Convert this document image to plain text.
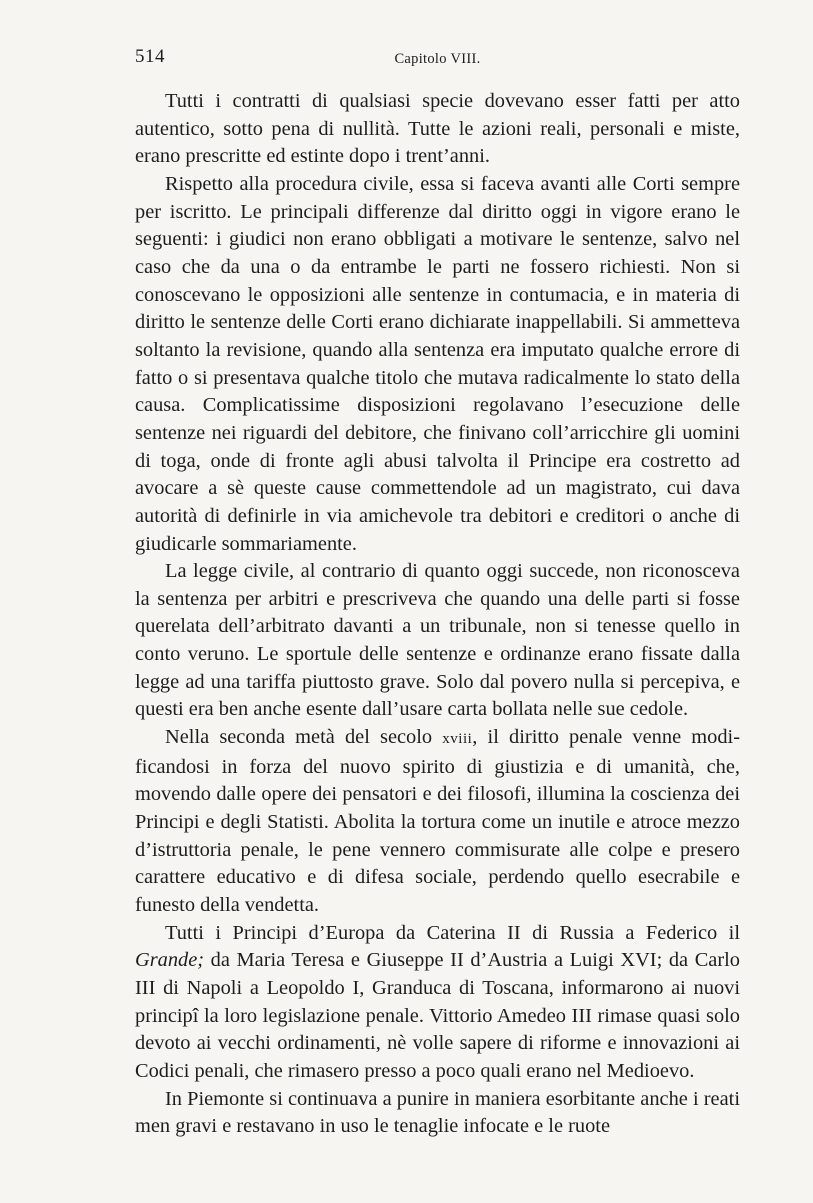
514	Capitolo VIII.

Tutti i contratti di qualsiasi specie dovevano esser fatti per atto autentico, sotto pena di nullità. Tutte le azioni reali, personali e miste, erano prescritte ed estinte dopo i trent’anni.

Rispetto alla procedura civile, essa si faceva avanti alle Corti sempre per iscritto. Le principali differenze dal diritto oggi in vigore erano le seguenti: i giudici non erano obbligati a motivare le sentenze, salvo nel caso che da una o da entrambe le parti ne fossero richiesti. Non si conoscevano le opposizioni alle sentenze in contumacia, e in materia di diritto le sentenze delle Corti erano dichiarate inappellabili. Si ammetteva soltanto la revisione, quando alla sentenza era imputato qualche errore di fatto o si presentava qualche titolo che mutava radicalmente lo stato della causa. Complicatissime disposizioni regolavano l’esecuzione delle sentenze nei riguardi del debitore, che finivano coll’arricchire gli uomini di toga, onde di fronte agli abusi talvolta il Principe era costretto ad avocare a sè queste cause commettendole ad un magistrato, cui dava autorità di definirle in via amichevole tra debitori e creditori o anche di giudicarle sommariamente.

La legge civile, al contrario di quanto oggi succede, non riconosceva la sentenza per arbitri e prescriveva che quando una delle parti si fosse querelata dell’arbitrato davanti a un tribunale, non si tenesse quello in conto veruno. Le sportule delle sentenze e ordinanze erano fissate dalla legge ad una tariffa piuttosto grave. Solo dal povero nulla si percepiva, e questi era ben anche esente dall’usare carta bollata nelle sue cedole.

Nella seconda metà del secolo xviii, il diritto penale venne modificandosi in forza del nuovo spirito di giustizia e di umanità, che, movendo dalle opere dei pensatori e dei filosofi, illumina la coscienza dei Principi e degli Statisti. Abolita la tortura come un inutile e atroce mezzo d’istruttoria penale, le pene vennero commisurate alle colpe e presero carattere educativo e di difesa sociale, perdendo quello esecrabile e funesto della vendetta.

Tutti i Principi d’Europa da Caterina II di Russia a Federico il Grande; da Maria Teresa e Giuseppe II d’Austria a Luigi XVI; da Carlo III di Napoli a Leopoldo I, Granduca di Toscana, informarono ai nuovi principî la loro legislazione penale. Vittorio Amedeo III rimase quasi solo devoto ai vecchi ordinamenti, nè volle sapere di riforme e innovazioni ai Codici penali, che rimasero presso a poco quali erano nel Medioevo.

In Piemonte si continuava a punire in maniera esorbitante anche i reati men gravi e restavano in uso le tenaglie infocate e le ruote
